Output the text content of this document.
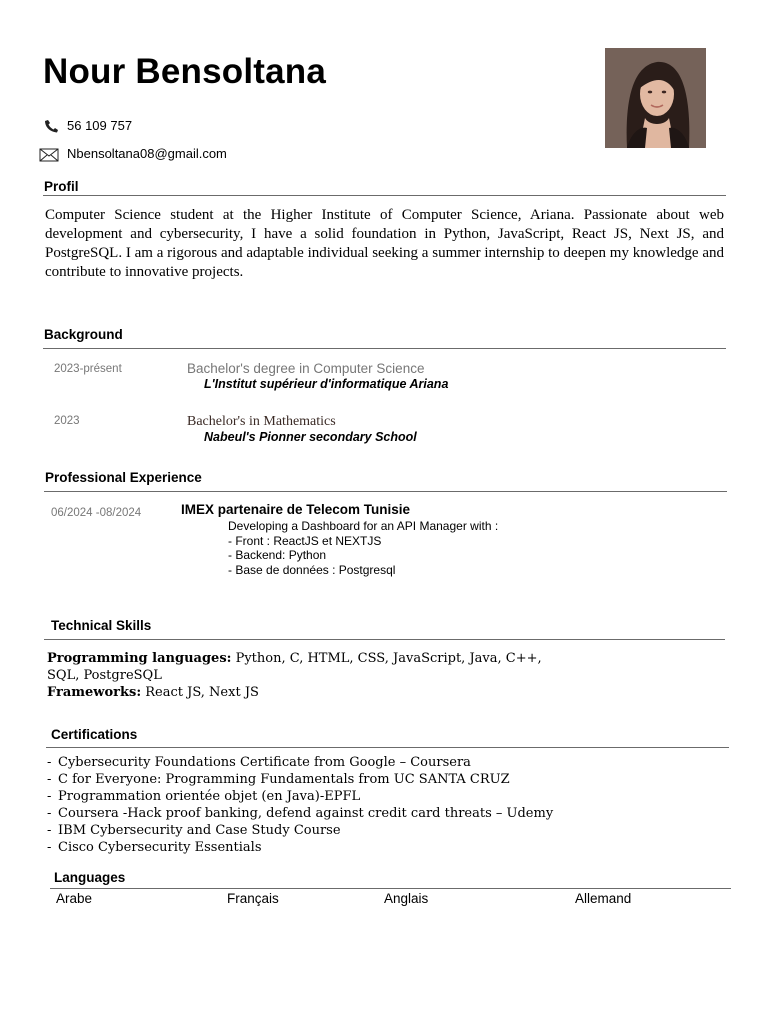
Nour Bensoltana
56 109 757
Nbensoltana08@gmail.com
Profil
Computer Science student at the Higher Institute of Computer Science, Ariana. Passionate about web development and cybersecurity, I have a solid foundation in Python, JavaScript, React JS, Next JS, and PostgreSQL. I am a rigorous and adaptable individual seeking a summer internship to deepen my knowledge and contribute to innovative projects.
Background
2023-présent	Bachelor's degree in Computer Science
L'Institut supérieur d'informatique Ariana
2023	Bachelor's in Mathematics
Nabeul's Pionner secondary School
Professional Experience
06/2024 -08/2024	IMEX partenaire de Telecom Tunisie
Developing a Dashboard for an API Manager with :
- Front : ReactJS et NEXTJS
- Backend: Python
- Base de données : Postgresql
Technical Skills
Programming languages: Python, C, HTML, CSS, JavaScript, Java, C++,
SQL, PostgreSQL
Frameworks: React JS, Next JS
Certifications
- Cybersecurity Foundations Certificate from Google – Coursera
- C for Everyone: Programming Fundamentals from UC SANTA CRUZ
- Programmation orientée objet (en Java)-EPFL
- Coursera -Hack proof banking, defend against credit card threats – Udemy
- IBM Cybersecurity and Case Study Course
- Cisco Cybersecurity Essentials
Languages
Arabe	Français	Anglais	Allemand
